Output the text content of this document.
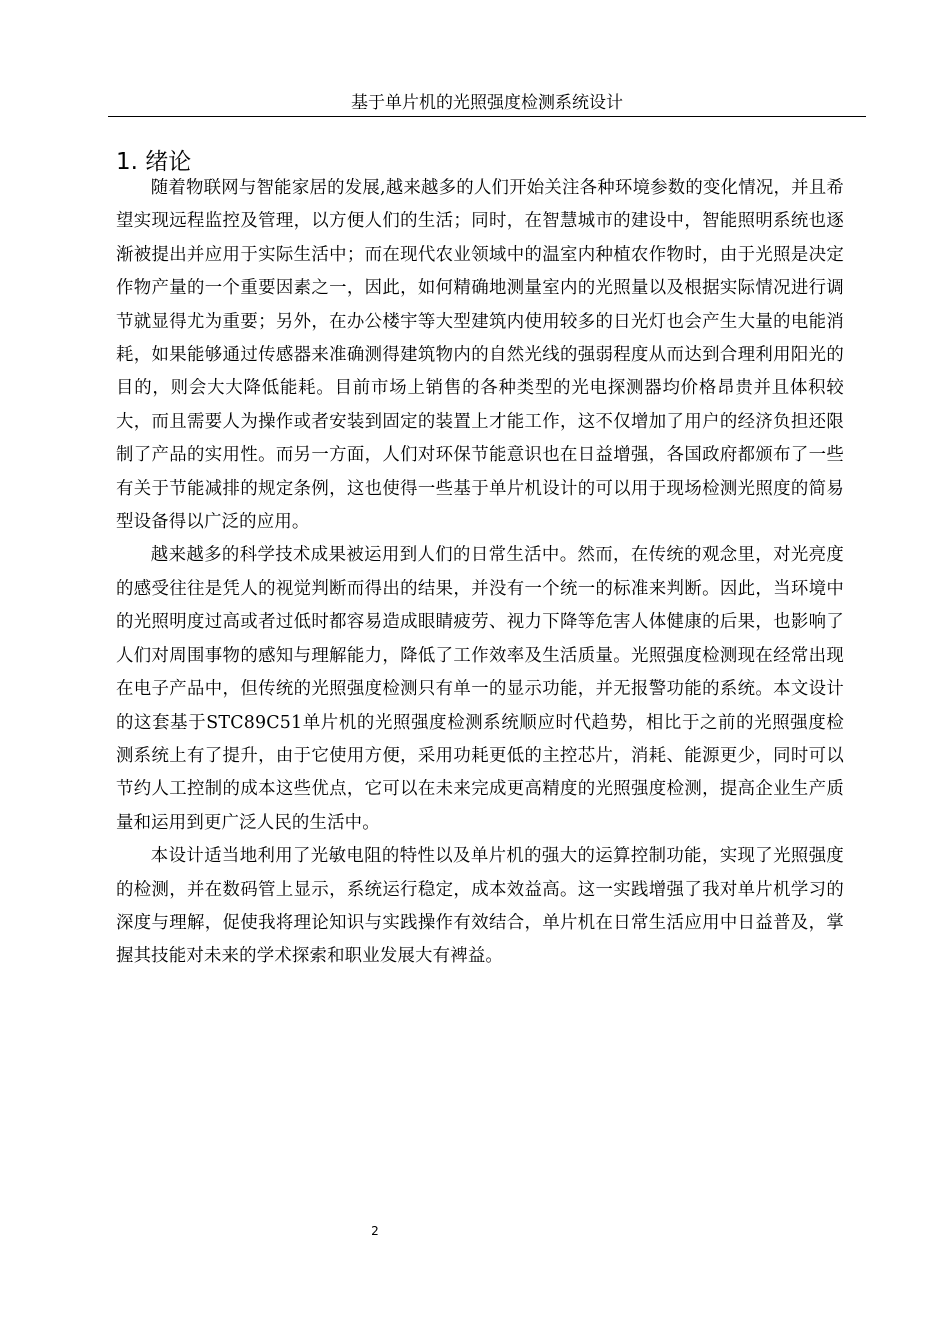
基于单片机的光照强度检测系统设计
1. 绪论

随着物联网与智能家居的发展,越来越多的人们开始关注各种环境参数的变化情况，并且希望实现远程监控及管理，以方便人们的生活；同时，在智慧城市的建设中，智能照明系统也逐渐被提出并应用于实际生活中；而在现代农业领域中的温室内种植农作物时，由于光照是决定作物产量的一个重要因素之一，因此，如何精确地测量室内的光照量以及根据实际情况进行调节就显得尤为重要；另外，在办公楼宇等大型建筑内使用较多的日光灯也会产生大量的电能消耗，如果能够通过传感器来准确测得建筑物内的自然光线的强弱程度从而达到合理利用阳光的目的，则会大大降低能耗。目前市场上销售的各种类型的光电探测器均价格昂贵并且体积较大，而且需要人为操作或者安装到固定的装置上才能工作，这不仅增加了用户的经济负担还限制了产品的实用性。而另一方面，人们对环保节能意识也在日益增强，各国政府都颁布了一些有关于节能减排的规定条例，这也使得一些基于单片机设计的可以用于现场检测光照度的简易型设备得以广泛的应用。

越来越多的科学技术成果被运用到人们的日常生活中。然而，在传统的观念里，对光亮度的感受往往是凭人的视觉判断而得出的结果，并没有一个统一的标准来判断。因此，当环境中的光照明度过高或者过低时都容易造成眼睛疲劳、视力下降等危害人体健康的后果，也影响了人们对周围事物的感知与理解能力，降低了工作效率及生活质量。光照强度检测现在经常出现在电子产品中，但传统的光照强度检测只有单一的显示功能，并无报警功能的系统。本文设计的这套基于STC89C51单片机的光照强度检测系统顺应时代趋势，相比于之前的光照强度检测系统上有了提升，由于它使用方便，采用功耗更低的主控芯片，消耗、能源更少，同时可以节约人工控制的成本这些优点，它可以在未来完成更高精度的光照强度检测，提高企业生产质量和运用到更广泛人民的生活中。

本设计适当地利用了光敏电阻的特性以及单片机的强大的运算控制功能，实现了光照强度的检测，并在数码管上显示，系统运行稳定，成本效益高。这一实践增强了我对单片机学习的深度与理解，促使我将理论知识与实践操作有效结合，单片机在日常生活应用中日益普及，掌握其技能对未来的学术探索和职业发展大有裨益。

2
